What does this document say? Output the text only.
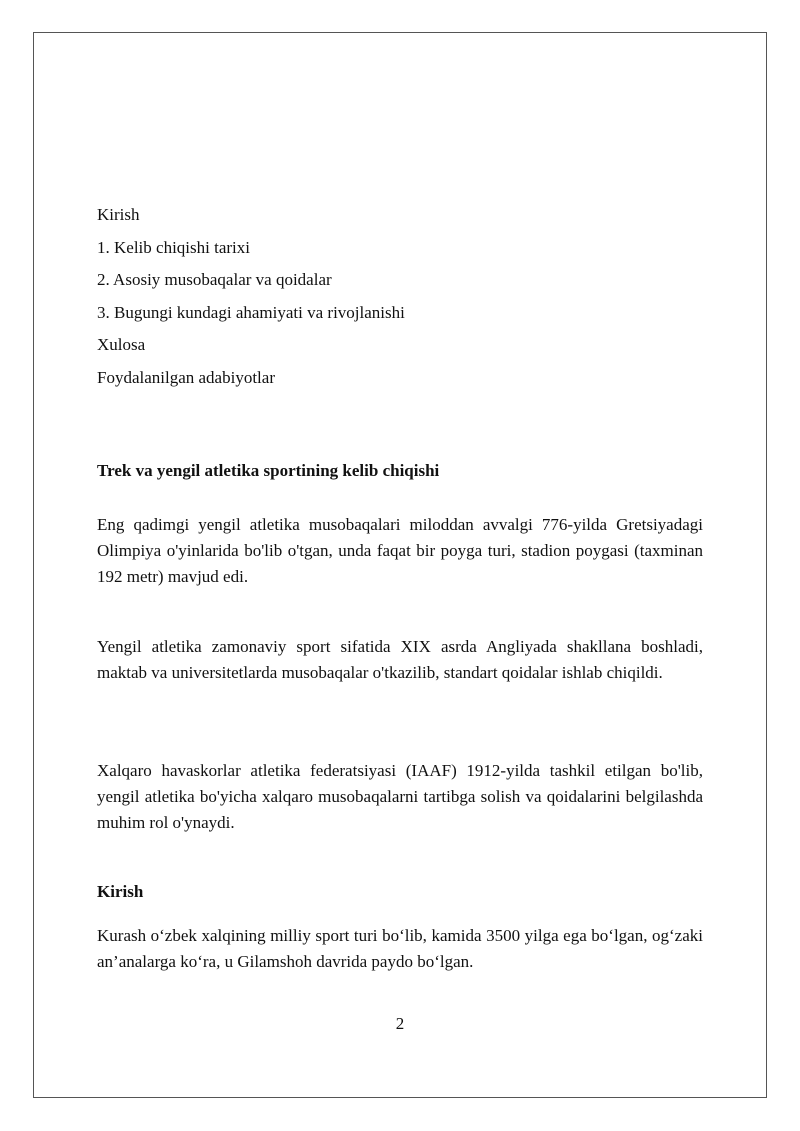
Kirish
1. Kelib chiqishi tarixi
2. Asosiy musobaqalar va qoidalar
3. Bugungi kundagi ahamiyati va rivojlanishi
Xulosa
Foydalanilgan adabiyotlar
Trek va yengil atletika sportining kelib chiqishi

Eng qadimgi yengil atletika musobaqalari miloddan avvalgi 776-yilda Gretsiyadagi Olimpiya o'yinlarida bo'lib o'tgan, unda faqat bir poyga turi, stadion poygasi (taxminan 192 metr) mavjud edi.

Yengil atletika zamonaviy sport sifatida XIX asrda Angliyada shakllana boshladi, maktab va universitetlarda musobaqalar o'tkazilib, standart qoidalar ishlab chiqildi.

Xalqaro havaskorlar atletika federatsiyasi (IAAF) 1912-yilda tashkil etilgan bo'lib, yengil atletika bo'yicha xalqaro musobaqalarni tartibga solish va qoidalarini belgilashda muhim rol o'ynaydi.

Kirish

Kurash o‘zbek xalqining milliy sport turi bo‘lib, kamida 3500 yilga ega bo‘lgan, og‘zaki an’analarga ko‘ra, u Gilamshoh davrida paydo bo‘lgan.

2
